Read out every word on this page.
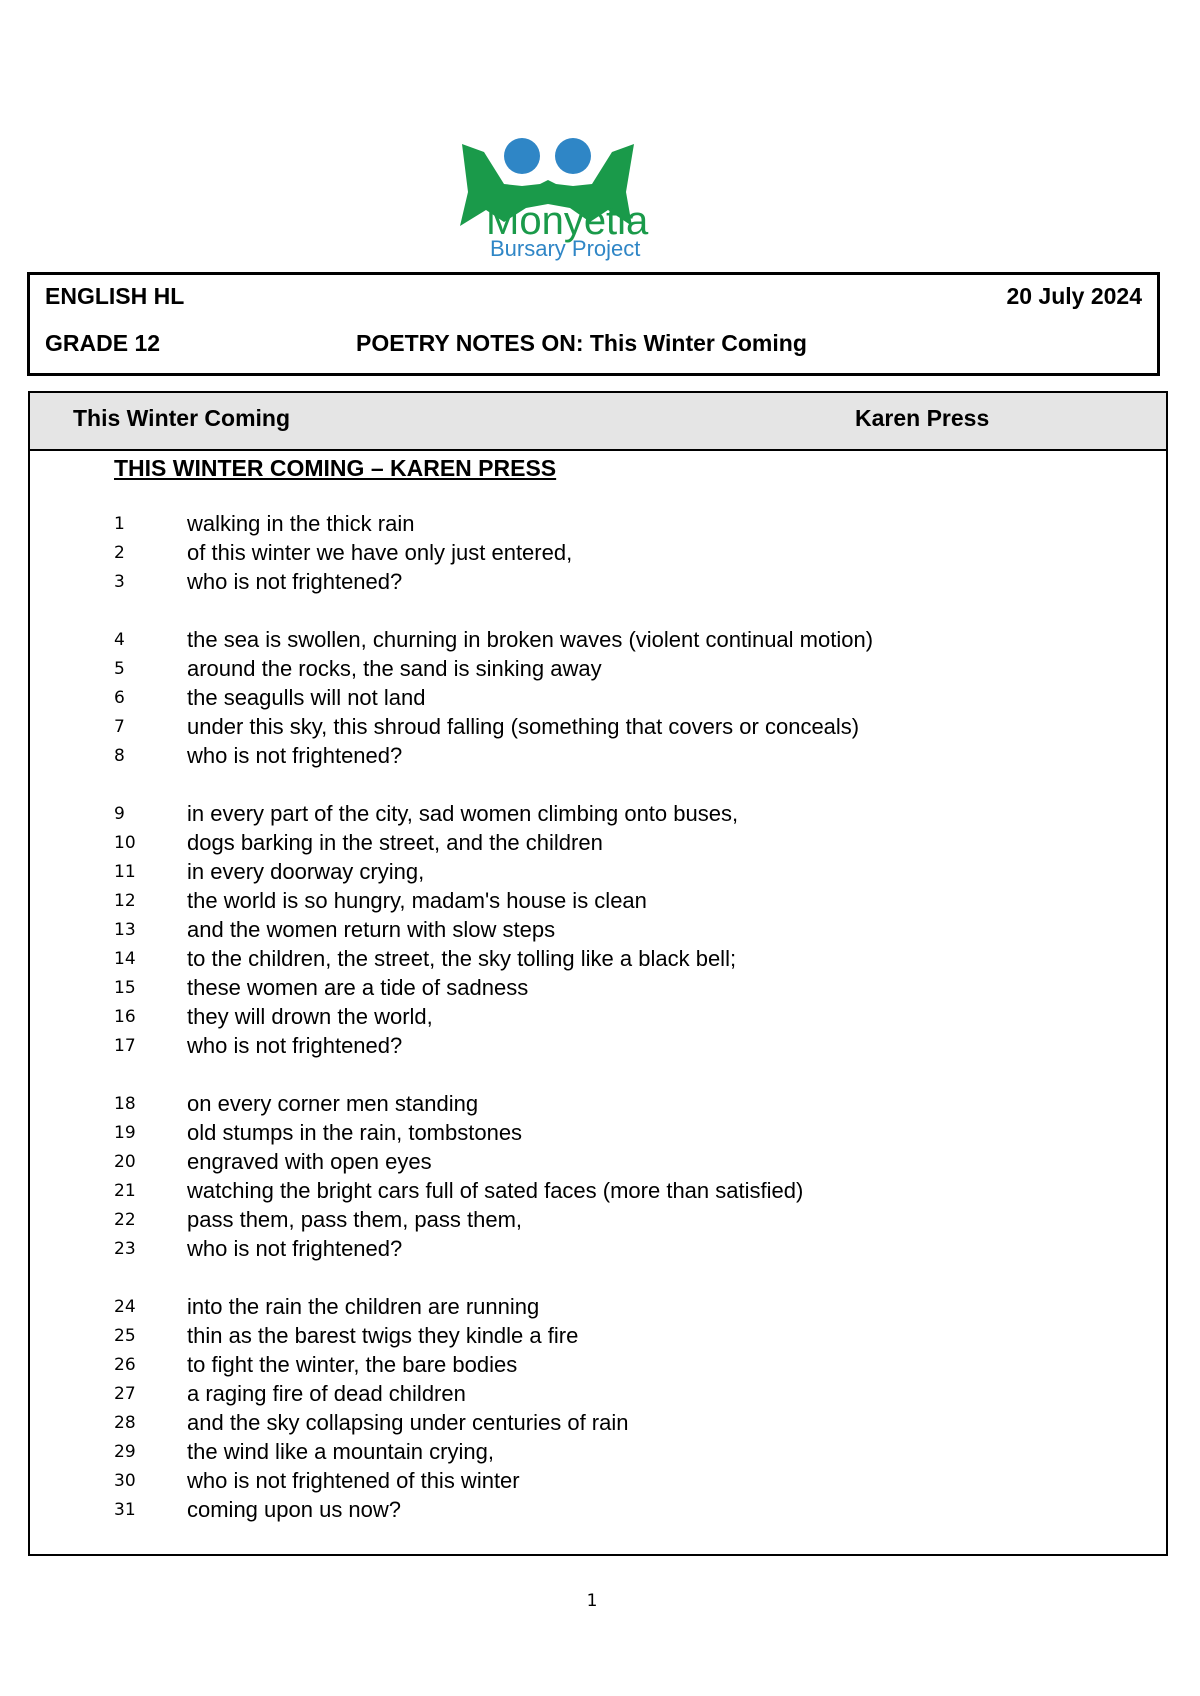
Monyetla
Bursary Project
ENGLISH HL	20 July 2024
GRADE 12	POETRY NOTES ON: This Winter Coming
This Winter Coming	Karen Press
THIS WINTER COMING – KAREN PRESS
1	walking in the thick rain
2	of this winter we have only just entered,
3	who is not frightened?
4	the sea is swollen, churning in broken waves (violent continual motion)
5	around the rocks, the sand is sinking away
6	the seagulls will not land
7	under this sky, this shroud falling (something that covers or conceals)
8	who is not frightened?
9	in every part of the city, sad women climbing onto buses,
10 dogs barking in the street, and the children
11 in every doorway crying,
12 the world is so hungry, madam's house is clean
13 and the women return with slow steps
14 to the children, the street, the sky tolling like a black bell;
15 these women are a tide of sadness
16 they will drown the world,
17 who is not frightened?
18 on every corner men standing
19 old stumps in the rain, tombstones
20 engraved with open eyes
21 watching the bright cars full of sated faces (more than satisfied)
22 pass them, pass them, pass them,
23 who is not frightened?
24 into the rain the children are running
25 thin as the barest twigs they kindle a fire
26 to fight the winter, the bare bodies
27 a raging fire of dead children
28 and the sky collapsing under centuries of rain
29 the wind like a mountain crying,
30 who is not frightened of this winter
31 coming upon us now?
1
